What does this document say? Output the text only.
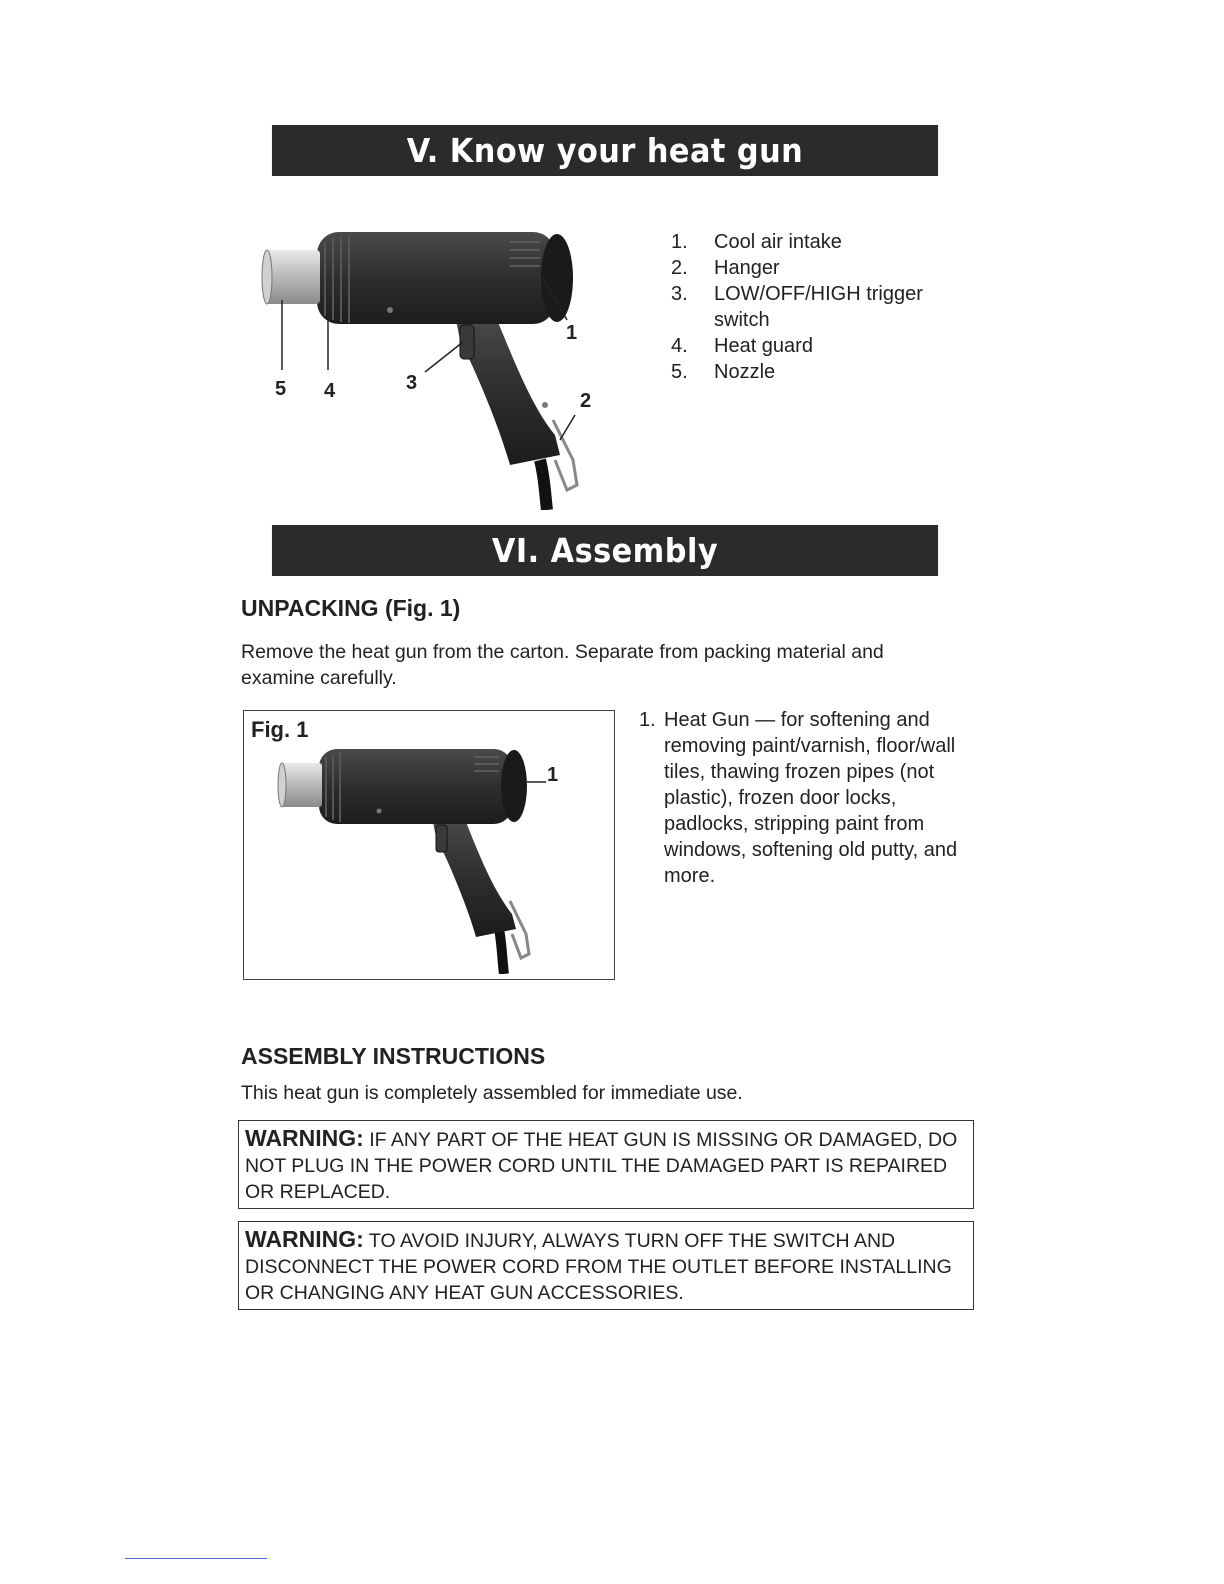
V. Know your heat gun
5 4	3
1
2
1.	Cool air intake
2.	Hanger
3.	LOW/OFF/HIGH trigger switch
4.	Heat guard
5.	Nozzle
VI. Assembly
UNPACKING (Fig. 1)
Remove the heat gun from the carton. Separate from packing material and examine carefully.
Fig. 1
1
1. Heat Gun — for softening and removing paint/varnish, floor/wall tiles, thawing frozen pipes (not plastic), frozen door locks, padlocks, stripping paint from windows, softening old putty, and more.
ASSEMBLY INSTRUCTIONS
This heat gun is completely assembled for immediate use.
WARNING: IF ANY PART OF THE HEAT GUN IS MISSING OR DAMAGED, DO NOT PLUG IN THE POWER CORD UNTIL THE DAMAGED PART IS REPAIRED OR REPLACED.
WARNING: TO AVOID INJURY, ALWAYS TURN OFF THE SWITCH AND DISCONNECT THE POWER CORD FROM THE OUTLET BEFORE INSTALLING OR CHANGING ANY HEAT GUN ACCESSORIES.
